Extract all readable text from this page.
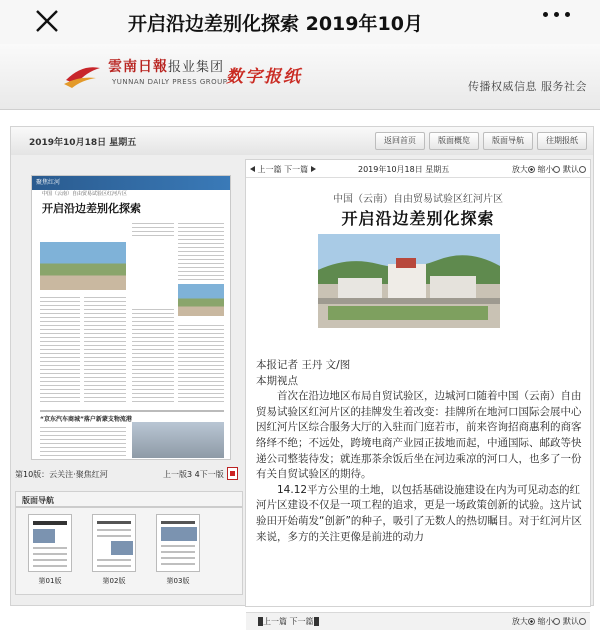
开启沿边差别化探索 2019年10月
雲南日報报业集团
YUNNAN DAILY PRESS GROUP
数字报纸	传播权威信息 服务社会
2019年10月18日 星期五	返回首页	版面概览	版面导航	往期报纸
聚焦红河
中国（云南）自由贸易试验区红河片区
开启沿边差别化探索
“京东汽车商城”落户新蒙支物流港
第10版：云关注·聚焦红河	上一版3 4下一版
版面导航
第01版	第02版	第03版
上一篇 下一篇	2019年10月18日 星期五	放大 缩小 默认
中国（云南）自由贸易试验区红河片区
开启沿边差别化探索

本报记者 王丹 文/图

本期视点

首次在沿边地区布局自贸试验区，边城河口随着中国（云南）自由贸易试验区红河片区的挂牌发生着改变：挂牌所在地河口国际会展中心因红河片区综合服务大厅的入驻而门庭若市，前来咨询招商惠利的商客络绎不绝；不远处，跨境电商产业园正拔地而起，中通国际、邮政等快递公司整装待发；就连那茶余饭后坐在河边乘凉的河口人，也多了一份有关自贸试验区的期待。

14.12平方公里的土地，以包括基础设施建设在内为可见动态的红河片区建设不仅是一项工程的追求，更是一场政策创新的试验。这片试验田开始萌发“创新”的种子，吸引了无数人的热切瞩目。对于红河片区来说，多方的关注更像是前进的动力

上一篇 下一篇	放大 缩小 默认
